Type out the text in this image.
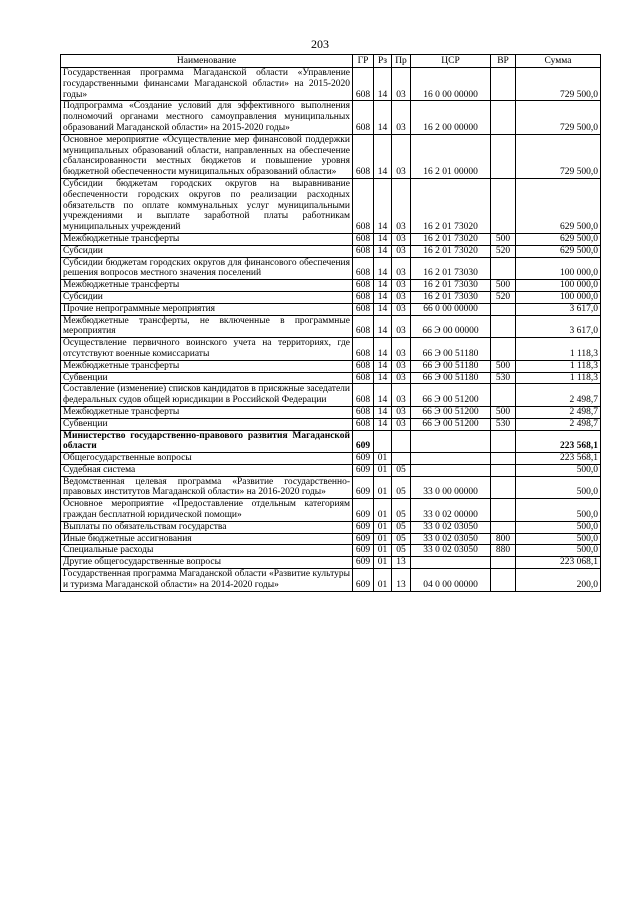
203
Наименование	ГР	Рз	Пр	ЦСР	ВР	Сумма
Государственная программа Магаданской области «Управление государственными финансами Магаданской области» на 2015-2020 годы»	608	14	03	16 0 00 00000		729 500,0
Подпрограмма «Создание условий для эффективного выполнения полномочий органами местного самоуправления муниципальных образований Магаданской области» на 2015-2020 годы»	608	14	03	16 2 00 00000		729 500,0
Основное мероприятие «Осуществление мер финансовой поддержки муниципальных образований области, направленных на обеспечение сбалансированности местных бюджетов и повышение уровня бюджетной обеспеченности муниципальных образований области»	608	14	03	16 2 01 00000		729 500,0
Субсидии бюджетам городских округов на выравнивание обеспеченности городских округов по реализации расходных обязательств по оплате коммунальных услуг муниципальными учреждениями и выплате заработной платы работникам муниципальных учреждений	608	14	03	16 2 01 73020		629 500,0
Межбюджетные трансферты	608	14	03	16 2 01 73020	500	629 500,0
Субсидии	608	14	03	16 2 01 73020	520	629 500,0
Субсидии бюджетам городских округов для финансового обеспечения решения вопросов местного значения поселений	608	14	03	16 2 01 73030		100 000,0
Межбюджетные трансферты	608	14	03	16 2 01 73030	500	100 000,0
Субсидии	608	14	03	16 2 01 73030	520	100 000,0
Прочие непрограммные мероприятия	608	14	03	66 0 00 00000		3 617,0
Межбюджетные трансферты, не включенные в программные мероприятия	608	14	03	66 Э 00 00000		3 617,0
Осуществление первичного воинского учета на территориях, где отсутствуют военные комиссариаты	608	14	03	66 Э 00 51180		1 118,3
Межбюджетные трансферты	608	14	03	66 Э 00 51180	500	1 118,3
Субвенции	608	14	03	66 Э 00 51180	530	1 118,3
Составление (изменение) списков кандидатов в присяжные заседатели федеральных судов общей юрисдикции в Российской Федерации	608	14	03	66 Э 00 51200		2 498,7
Межбюджетные трансферты	608	14	03	66 Э 00 51200	500	2 498,7
Субвенции	608	14	03	66 Э 00 51200	530	2 498,7
Министерство государственно-правового развития Магаданской области	609					223 568,1
Общегосударственные вопросы	609	01				223 568,1
Судебная система	609	01	05			500,0
Ведомственная целевая программа «Развитие государственно-правовых институтов Магаданской области» на 2016-2020 годы»	609	01	05	33 0 00 00000		500,0
Основное мероприятие «Предоставление отдельным категориям граждан бесплатной юридической помощи»	609	01	05	33 0 02 00000		500,0
Выплаты по обязательствам государства	609	01	05	33 0 02 03050		500,0
Иные бюджетные ассигнования	609	01	05	33 0 02 03050	800	500,0
Специальные расходы	609	01	05	33 0 02 03050	880	500,0
Другие общегосударственные вопросы	609	01	13			223 068,1
Государственная программа Магаданской области «Развитие культуры и туризма Магаданской области» на 2014-2020 годы»	609	01	13	04 0 00 00000		200,0
